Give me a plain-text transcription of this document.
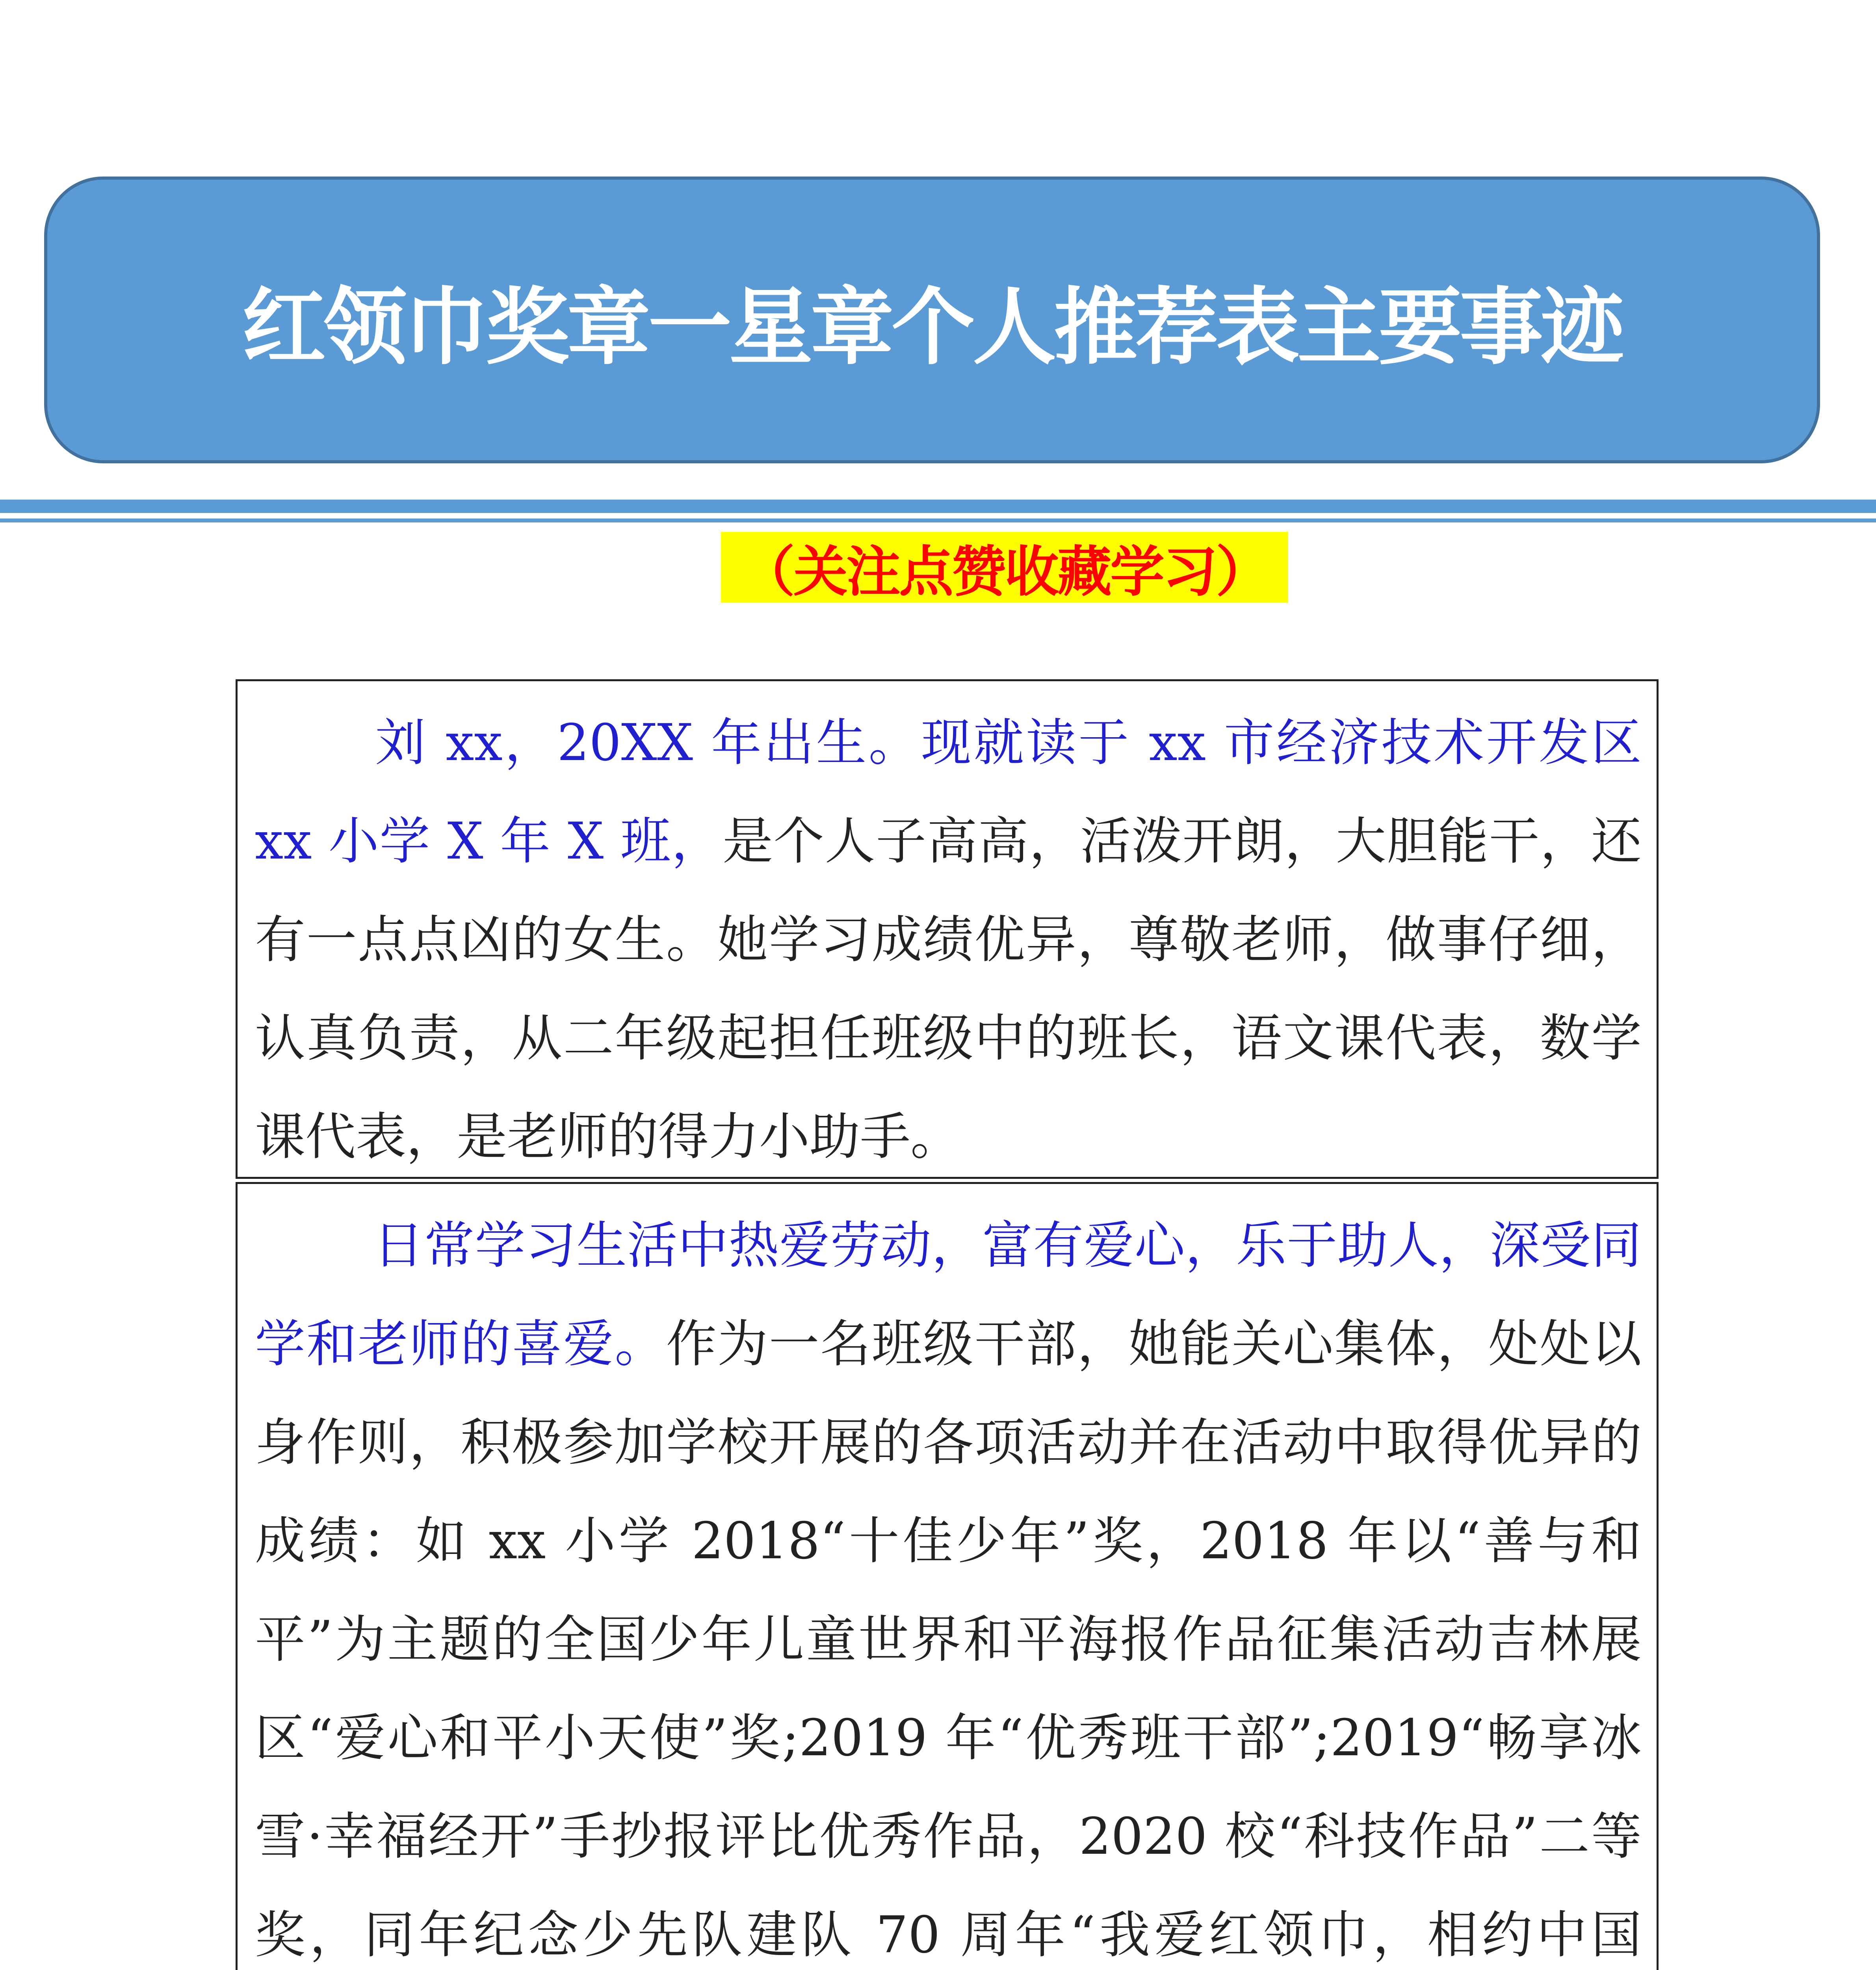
红领巾奖章一星章个人推荐表主要事迹
（关注点赞收藏学习）

刘 xx，20XX 年出生。现就读于 xx 市经济技术开发区 xx 小学 X 年 X 班，是个人子高高，活泼开朗，大胆能干，还有一点点凶的女生。她学习成绩优异，尊敬老师，做事仔细，认真负责，从二年级起担任班级中的班长，语文课代表，数学课代表，是老师的得力小助手。

日常学习生活中热爱劳动，富有爱心，乐于助人，深受同学和老师的喜爱。作为一名班级干部，她能关心集体，处处以身作则，积极参加学校开展的各项活动并在活动中取得优异的成绩：如 xx 小学 2018“十佳少年”奖，2018 年以“善与和平”为主题的全国少年儿童世界和平海报作品征集活动吉林展区“爱心和平小天使”奖;2019 年“优秀班干部”;2019“畅享冰雪·幸福经开”手抄报评比优秀作品，2020 校“科技作品”二等奖，同年纪念少先队建队 70 周年“我爱红领巾，相约中国
